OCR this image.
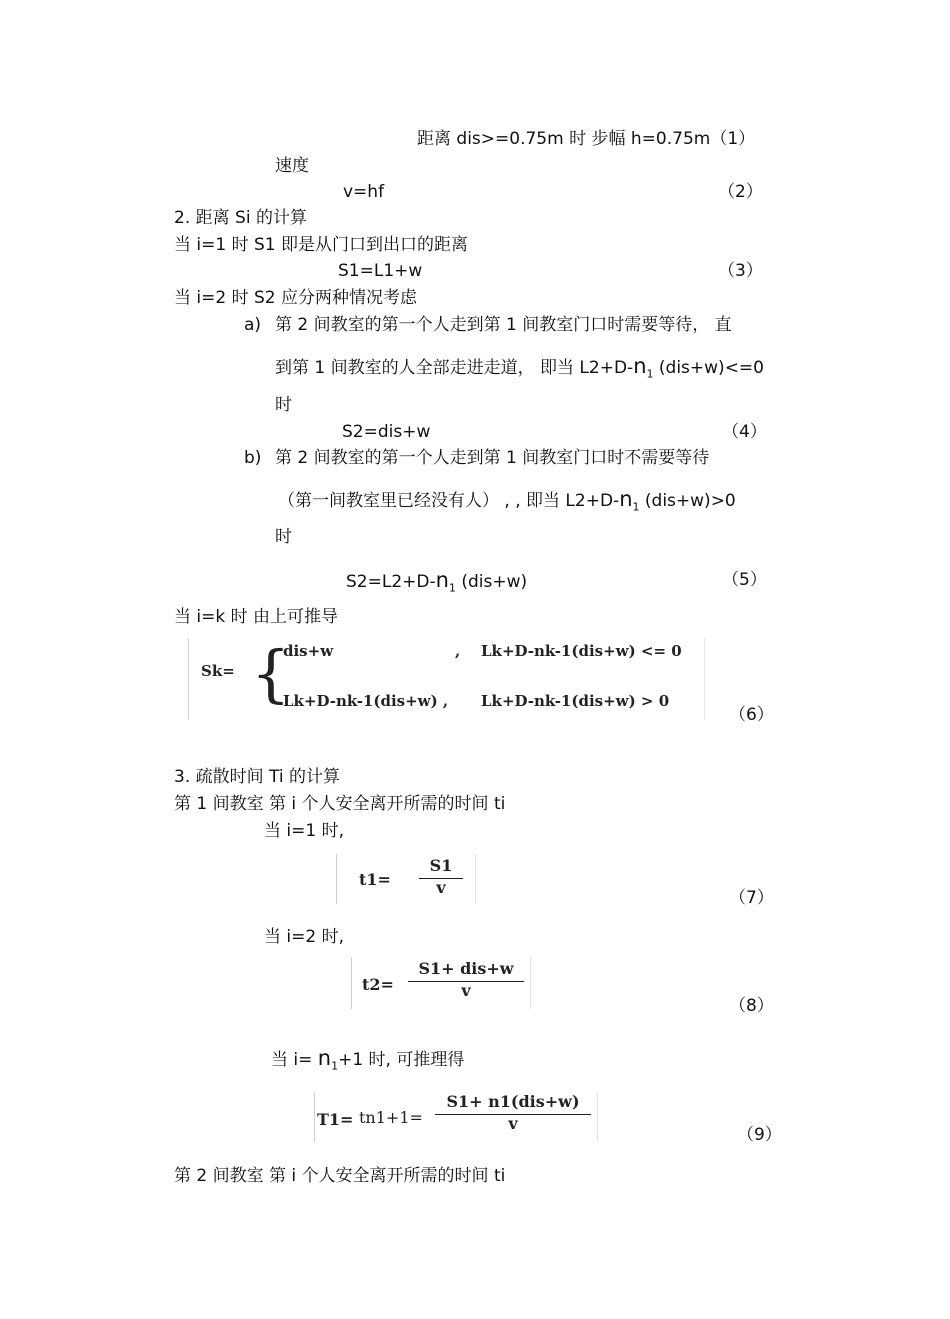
距离 dis>=0.75m 时 步幅 h=0.75m（1）
速度
v=hf	（2）
2. 距离 Si 的计算
当 i=1 时 S1 即是从门口到出口的距离
S1=L1+w	（3）
当 i=2 时 S2 应分两种情况考虑
a) 第 2 间教室的第一个人走到第 1 间教室门口时需要等待， 直
到第 1 间教室的人全部走进走道， 即当 $L2+D-n_1$ (dis+w)<=0
时
S2=dis+w	（4）
b) 第 2 间教室的第一个人走到第 1 间教室门口时不需要等待
（第一间教室里已经没有人） , , 即当 $L2+D-n_1$ (dis+w)>0
时
$S2=L2+D-n_1$ (dis+w)	（5）
当 i=k 时 由上可推导
Sk= {
dis+w	, Lk+D-nk-1(dis+w) <= 0
Lk+D-nk-1(dis+w) , Lk+D-nk-1(dis+w) > 0
（6）
3. 疏散时间 Ti 的计算
第 1 间教室 第 i 个人安全离开所需的时间 ti
当 i=1 时,
t1=
S1
v
（7）
当 i=2 时,
t2=
S1+ dis+w
v
（8）
当 $i= n_1+1$ 时, 可推理得
T1= tn1+1=
S1+ n1(dis+w)
v
（9）
第 2 间教室 第 i 个人安全离开所需的时间 ti
